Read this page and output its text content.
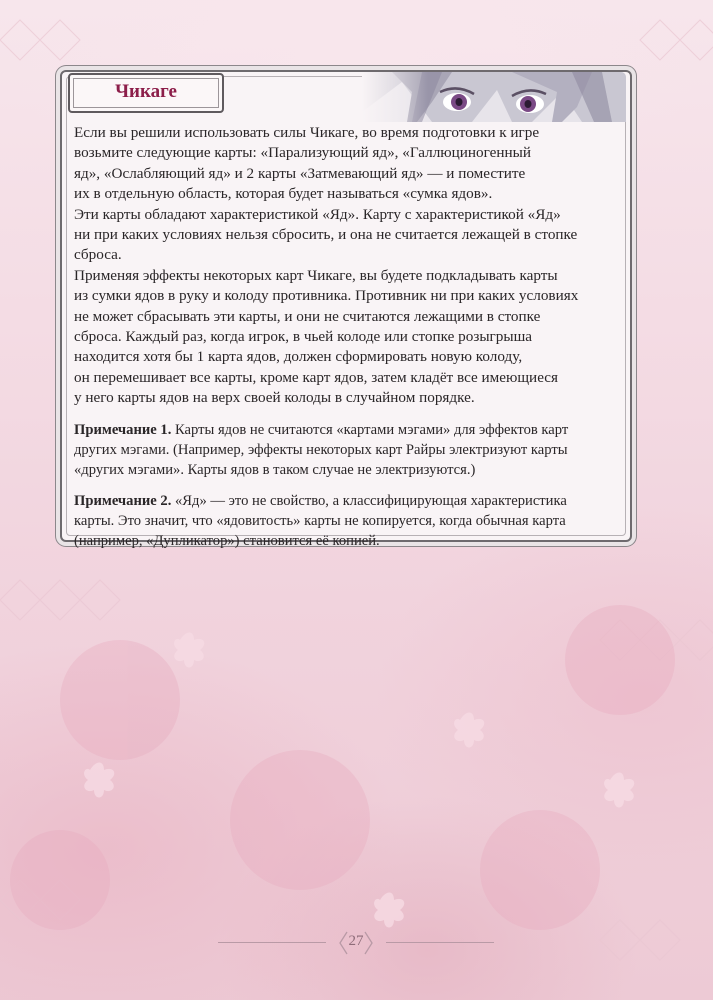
Чикаге

Если вы решили использовать силы Чикаге, во время подготовки к игре

возьмите следующие карты: «Парализующий яд», «Галлюциногенный

яд», «Ослабляющий яд» и 2 карты «Затмевающий яд» — и поместите

их в отдельную область, которая будет называться «сумка ядов».

Эти карты обладают характеристикой «Яд». Карту с характеристикой «Яд»

ни при каких условиях нельзя сбросить, и она не считается лежащей в стопке

сброса.

Применяя эффекты некоторых карт Чикаге, вы будете подкладывать карты

из сумки ядов в руку и колоду противника. Противник ни при каких условиях

не может сбрасывать эти карты, и они не считаются лежащими в стопке

сброса. Каждый раз, когда игрок, в чьей колоде или стопке розыгрыша

находится хотя бы 1 карта ядов, должен сформировать новую колоду,

он перемешивает все карты, кроме карт ядов, затем кладёт все имеющиеся

у него карты ядов на верх своей колоды в случайном порядке.

Примечание 1. Карты ядов не считаются «картами мэгами» для эффектов карт

других мэгами. (Например, эффекты некоторых карт Райры электризуют карты

«других мэгами». Карты ядов в таком случае не электризуются.)

Примечание 2. «Яд» — это не свойство, а классифицирующая характеристика

карты. Это значит, что «ядовитость» карты не копируется, когда обычная карта

(например, «Дупликатор») становится её копией.

27
